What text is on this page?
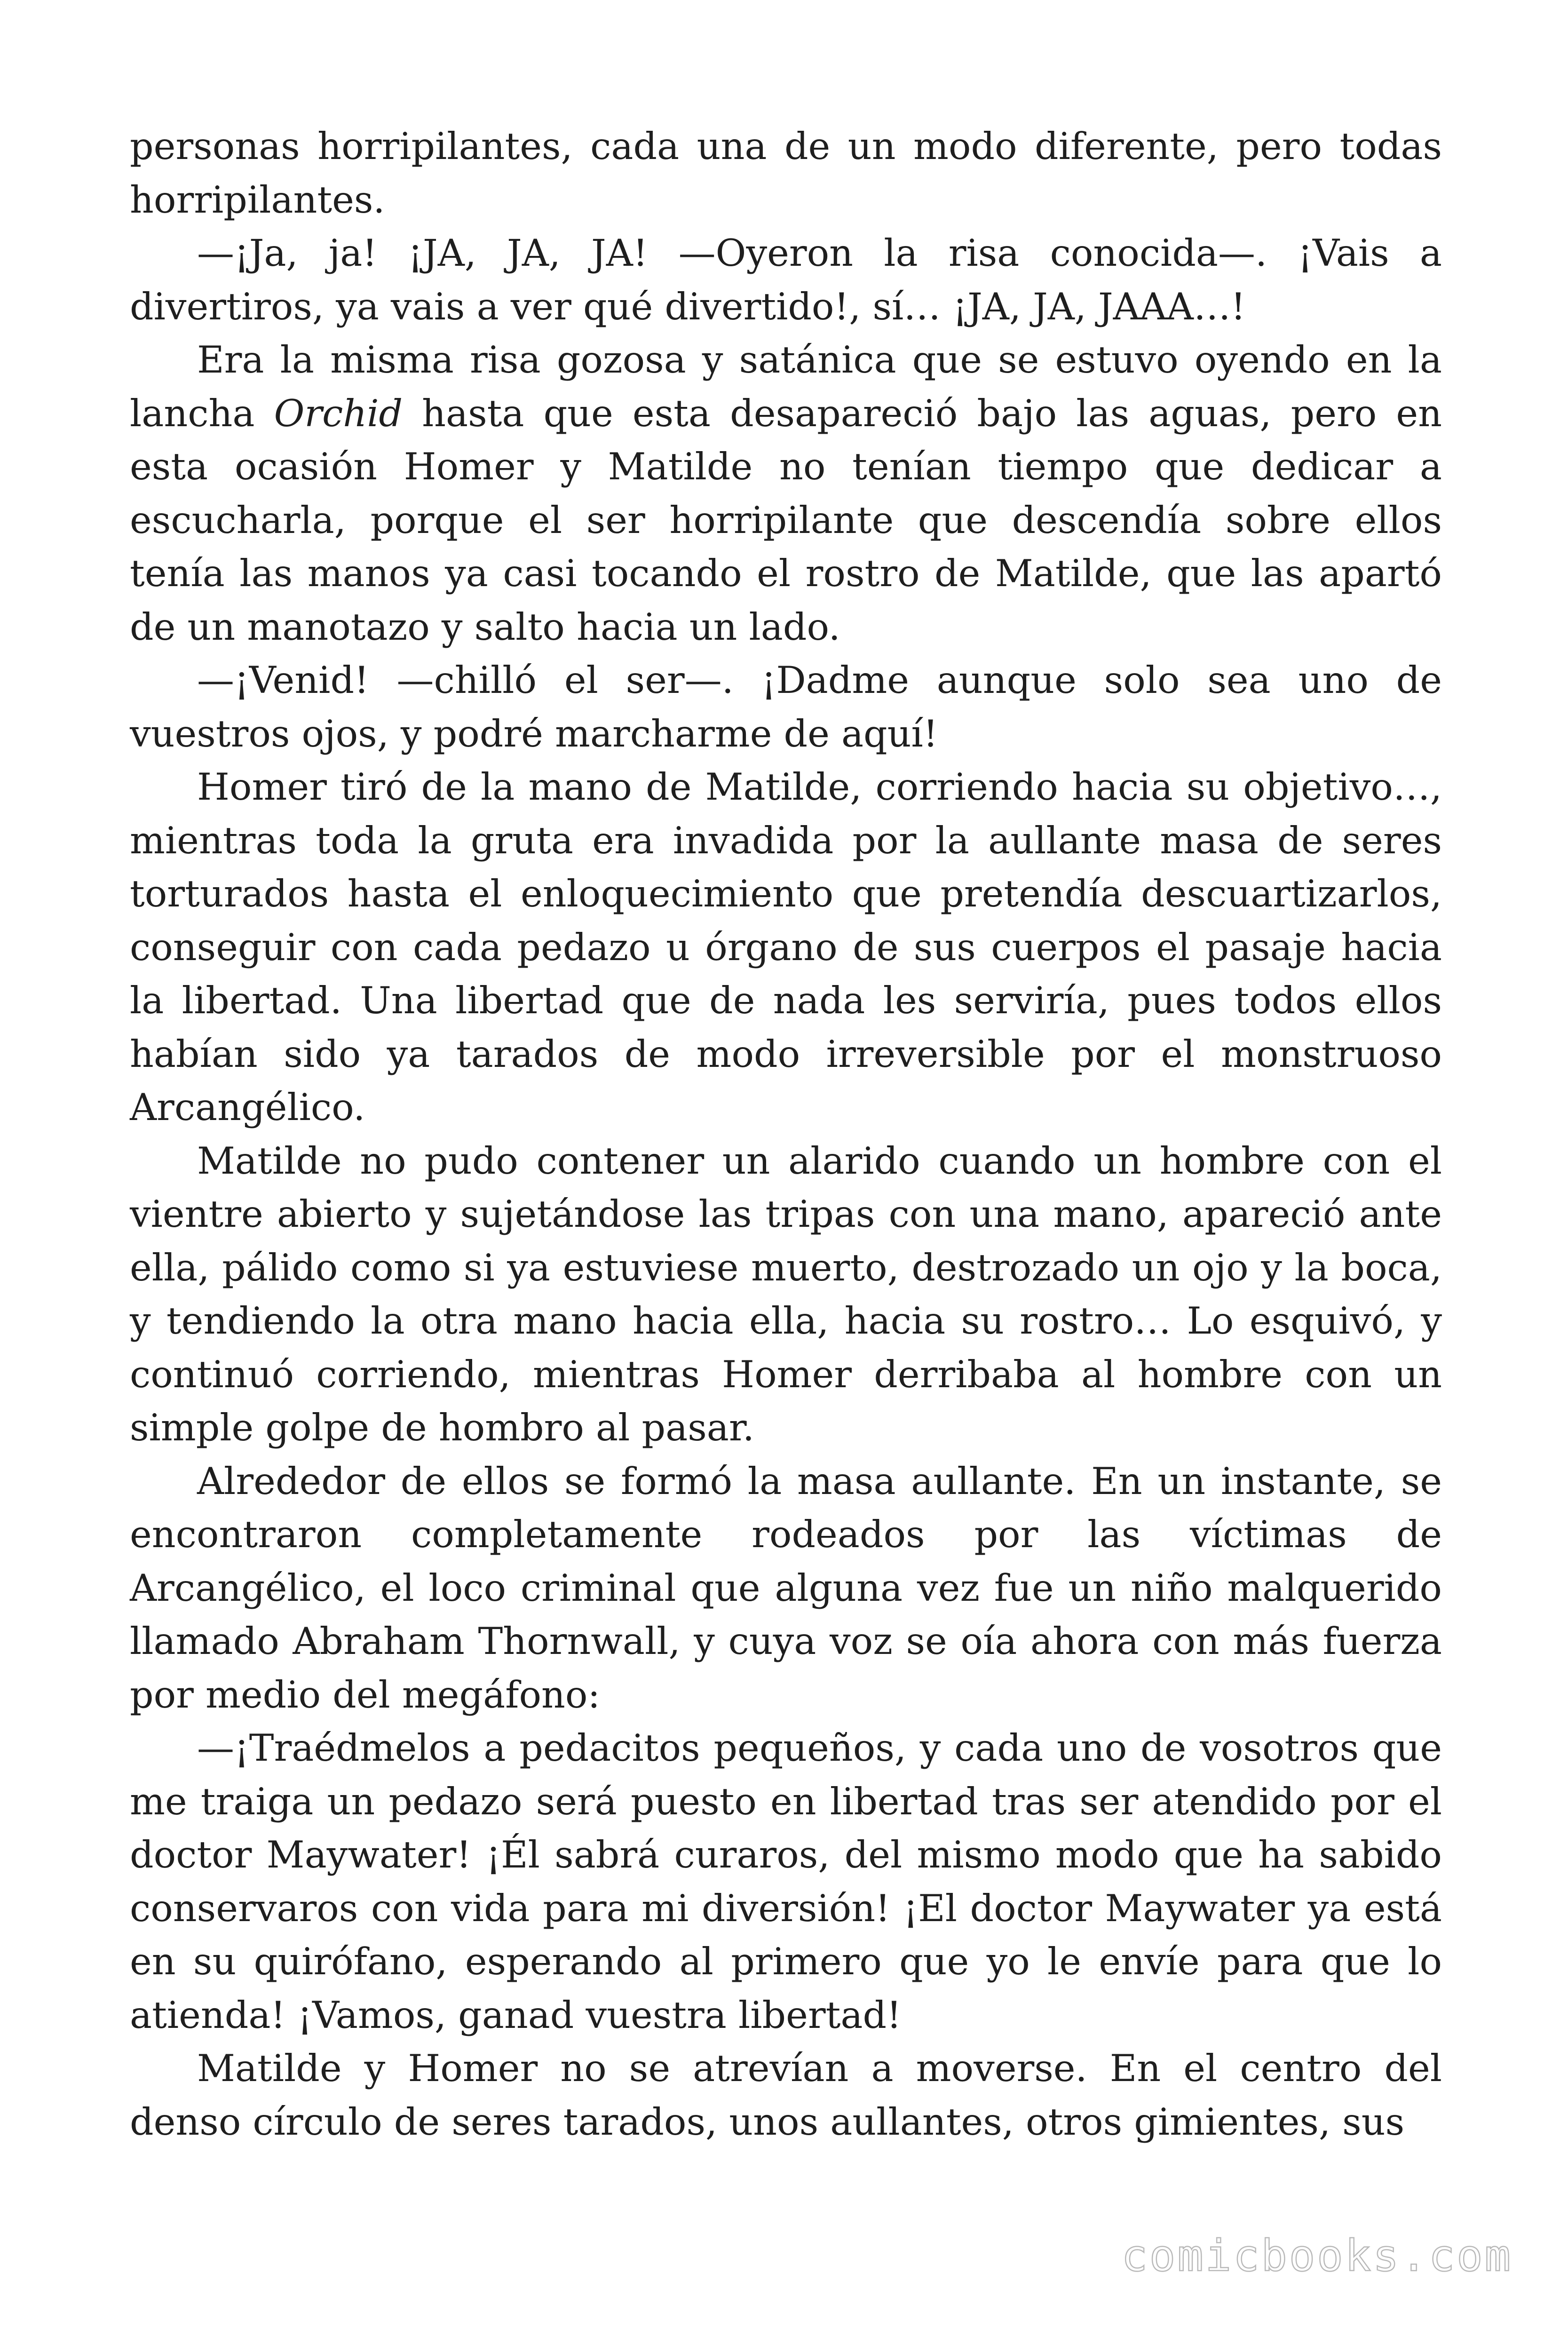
personas horripilantes, cada una de un modo diferente, pero todas horripilantes.

—¡Ja, ja! ¡JA, JA, JA! —Oyeron la risa conocida—. ¡Vais a divertiros, ya vais a ver qué divertido!, sí… ¡JA, JA, JAAA…!

Era la misma risa gozosa y satánica que se estuvo oyendo en la lancha Orchid hasta que esta desapareció bajo las aguas, pero en esta ocasión Homer y Matilde no tenían tiempo que dedicar a escucharla, porque el ser horripilante que descendía sobre ellos tenía las manos ya casi tocando el rostro de Matilde, que las apartó de un manotazo y salto hacia un lado.

—¡Venid! —chilló el ser—. ¡Dadme aunque solo sea uno de vuestros ojos, y podré marcharme de aquí!

Homer tiró de la mano de Matilde, corriendo hacia su objetivo…, mientras toda la gruta era invadida por la aullante masa de seres torturados hasta el enloquecimiento que pretendía descuartizarlos, conseguir con cada pedazo u órgano de sus cuerpos el pasaje hacia la libertad. Una libertad que de nada les serviría, pues todos ellos habían sido ya tarados de modo irreversible por el monstruoso Arcangélico.

Matilde no pudo contener un alarido cuando un hombre con el vientre abierto y sujetándose las tripas con una mano, apareció ante ella, pálido como si ya estuviese muerto, destrozado un ojo y la boca, y tendiendo la otra mano hacia ella, hacia su rostro… Lo esquivó, y continuó corriendo, mientras Homer derribaba al hombre con un simple golpe de hombro al pasar.

Alrededor de ellos se formó la masa aullante. En un instante, se encontraron completamente rodeados por las víctimas de Arcangélico, el loco criminal que alguna vez fue un niño malquerido llamado Abraham Thornwall, y cuya voz se oía ahora con más fuerza por medio del megáfono:

—¡Traédmelos a pedacitos pequeños, y cada uno de vosotros que me traiga un pedazo será puesto en libertad tras ser atendido por el doctor Maywater! ¡Él sabrá curaros, del mismo modo que ha sabido conservaros con vida para mi diversión! ¡El doctor Maywater ya está en su quirófano, esperando al primero que yo le envíe para que lo atienda! ¡Vamos, ganad vuestra libertad!

Matilde y Homer no se atrevían a moverse. En el centro del denso círculo de seres tarados, unos aullantes, otros gimientes, sus

comicbooks.com
